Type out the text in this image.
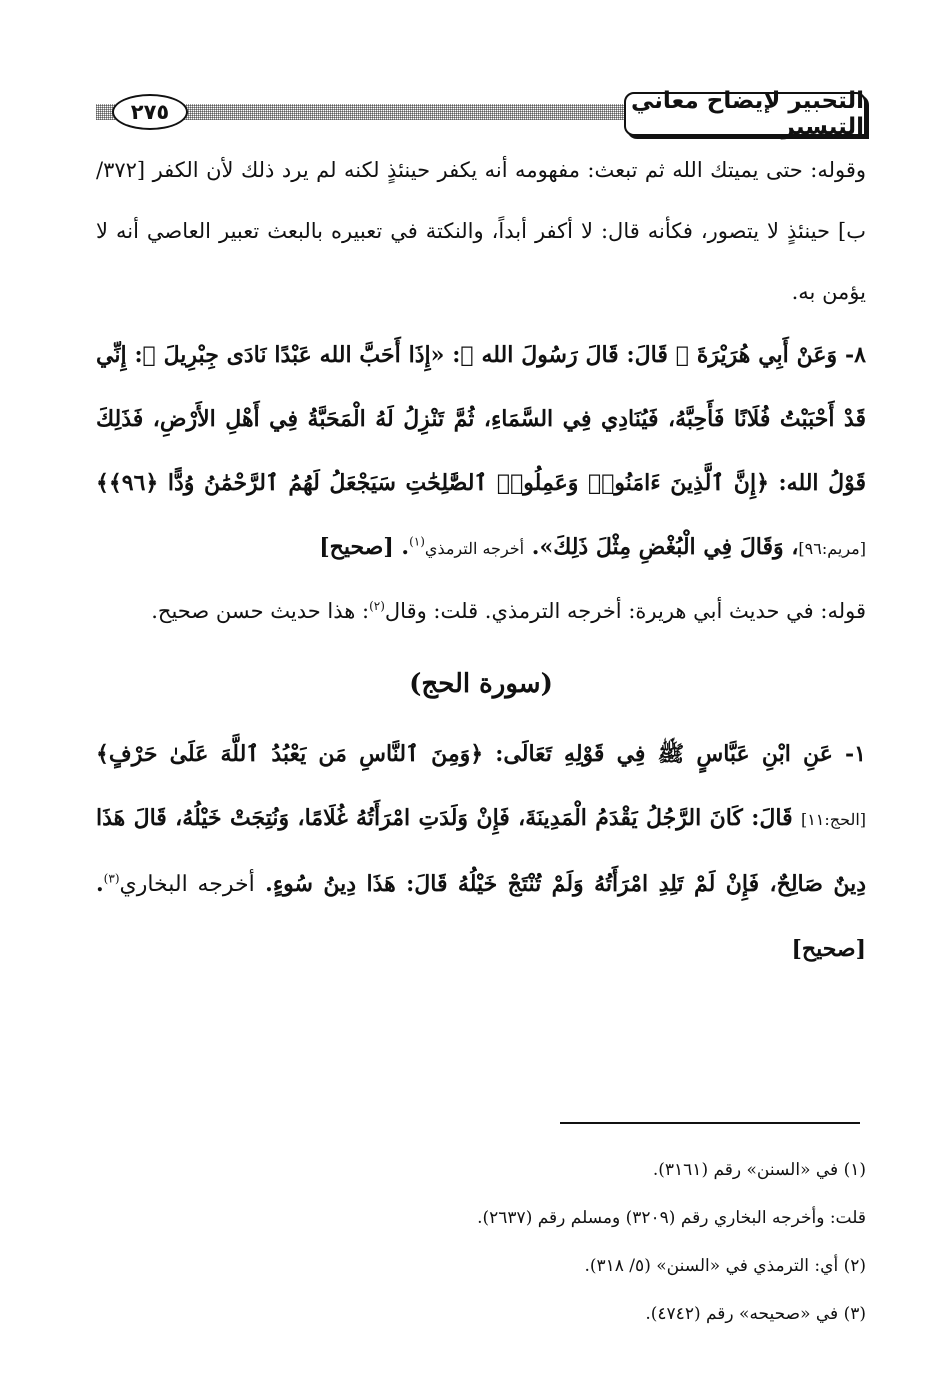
التحبير لإيضاح معاني التيسير
٢٧٥

وقوله: حتى يميتك الله ثم تبعث: مفهومه أنه يكفر حينئذٍ لكنه لم يرد ذلك لأن الكفر [٣٧٢/ب] حينئذٍ لا يتصور، فكأنه قال: لا أكفر أبداً، والنكتة في تعبيره بالبعث تعبير العاصي أنه لا يؤمن به.

٨- وَعَنْ أَبِي هُرَيْرَةَ ﷺ قَالَ: قَالَ رَسُولَ الله ﷺ: «إِذَا أَحَبَّ الله عَبْدًا نَادَى جِبْرِيلَ ﷺ: إِنِّي قَدْ أَحْبَبْتُ فُلَانًا فَأَحِبَّهُ، فَيُنَادِي فِي السَّمَاءِ، ثُمَّ تَنْزِلُ لَهُ الْمَحَبَّةُ فِي أَهْلِ الأَرْضِ، فَذَلِكَ قَوْلُ الله: ﴿إِنَّ ٱلَّذِينَ ءَامَنُوا۟ وَعَمِلُوا۟ ٱلصَّٰلِحَٰتِ سَيَجْعَلُ لَهُمُ ٱلرَّحْمَٰنُ وُدًّا ﴿٩٦﴾﴾ [مريم:٩٦]، وَقَالَ فِي الْبُغْضِ مِثْلَ ذَلِكَ». أخرجه الترمذي$^{(١)}$. [صحيح]

قوله: في حديث أبي هريرة: أخرجه الترمذي. قلت: وقال$^{(٢)}$: هذا حديث حسن صحيح.

(سورة الحج)

١- عَنِ ابْنِ عَبَّاسٍ ﷺ فِي قَوْلِهِ تَعَالَى: ﴿وَمِنَ ٱلنَّاسِ مَن يَعْبُدُ ٱللَّهَ عَلَىٰ حَرْفٍ﴾ [الحج:١١] قَالَ: كَانَ الرَّجُلُ يَقْدَمُ الْمَدِينَةَ، فَإِنْ وَلَدَتِ امْرَأَتُهُ غُلَامًا، وَنُتِجَتْ خَيْلُهُ، قَالَ هَذَا دِينٌ صَالِحٌ، فَإِنْ لَمْ تَلِدِ امْرَأَتُهُ وَلَمْ تُنْتَجْ خَيْلُهُ قَالَ: هَذَا دِينُ سُوءٍ. أخرجه البخاري$^{(٣)}$. [صحيح]

(١) في «السنن» رقم (٣١٦١).

قلت: وأخرجه البخاري رقم (٣٢٠٩) ومسلم رقم (٢٦٣٧).

(٢) أي: الترمذي في «السنن» (٥/ ٣١٨).

(٣) في «صحيحه» رقم (٤٧٤٢).
